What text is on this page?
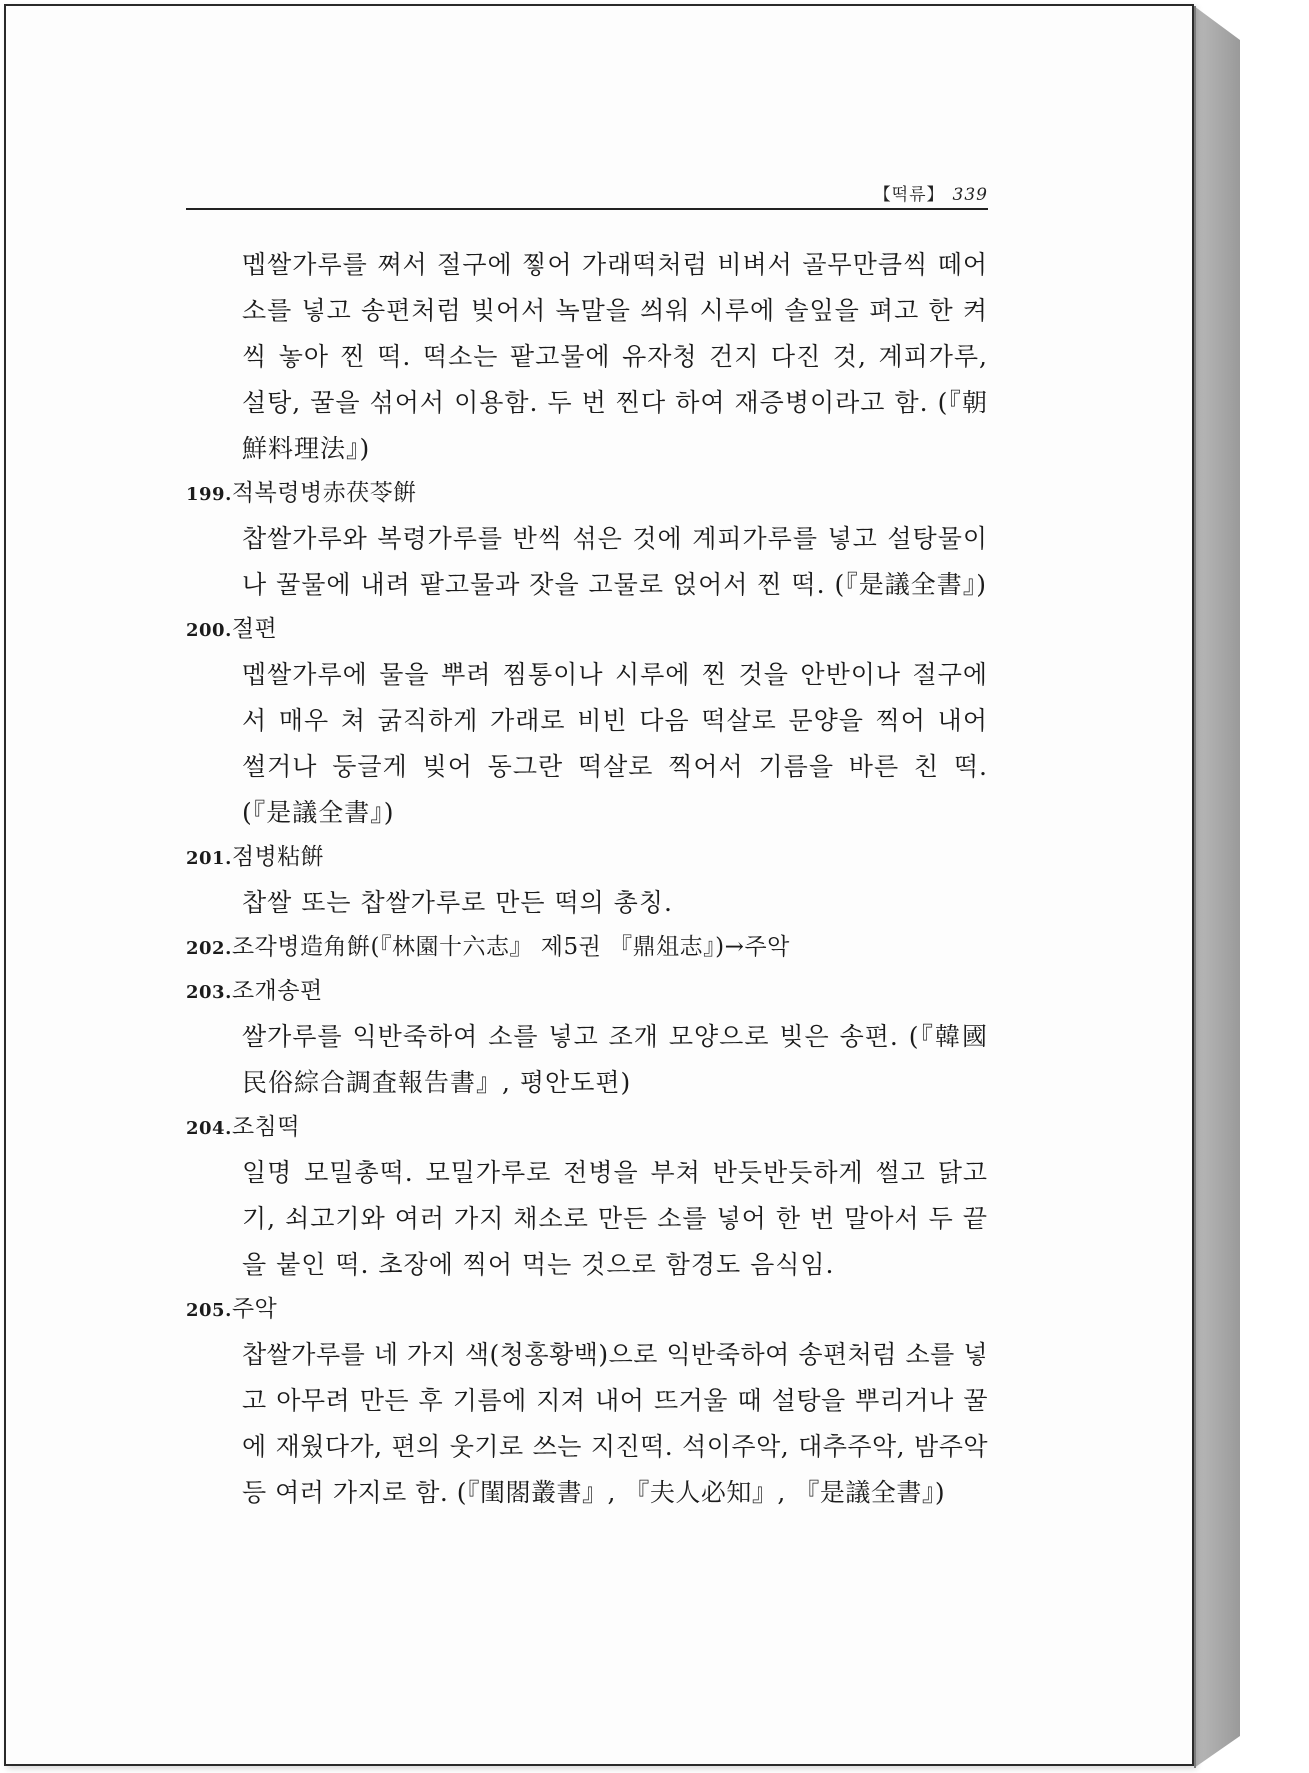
【떡류】 339
멥쌀가루를 쪄서 절구에 찧어 가래떡처럼 비벼서 골무만큼씩 떼어 소를 넣고 송편처럼 빚어서 녹말을 씌워 시루에 솔잎을 펴고 한 켜씩 놓아 찐 떡. 떡소는 팥고물에 유자청 건지 다진 것, 계피가루, 설탕, 꿀을 섞어서 이용함. 두 번 찐다 하여 재증병이라고 함. (『朝鮮料理法』)
199.적복령병赤茯苓餠
찹쌀가루와 복령가루를 반씩 섞은 것에 계피가루를 넣고 설탕물이나 꿀물에 내려 팥고물과 잣을 고물로 얹어서 찐 떡. (『是議全書』)
200.절편
멥쌀가루에 물을 뿌려 찜통이나 시루에 찐 것을 안반이나 절구에서 매우 쳐 굵직하게 가래로 비빈 다음 떡살로 문양을 찍어 내어 썰거나 둥글게 빚어 동그란 떡살로 찍어서 기름을 바른 친 떡. (『是議全書』)
201.점병粘餠
찹쌀 또는 찹쌀가루로 만든 떡의 총칭.
202.조각병造角餠(『林園十六志』 제5권 『鼎俎志』)→주악
203.조개송편
쌀가루를 익반죽하여 소를 넣고 조개 모양으로 빚은 송편. (『韓國民俗綜合調査報告書』, 평안도편)
204.조침떡
일명 모밀총떡. 모밀가루로 전병을 부쳐 반듯반듯하게 썰고 닭고기, 쇠고기와 여러 가지 채소로 만든 소를 넣어 한 번 말아서 두 끝을 붙인 떡. 초장에 찍어 먹는 것으로 함경도 음식임.
205.주악
찹쌀가루를 네 가지 색(청홍황백)으로 익반죽하여 송편처럼 소를 넣고 아무려 만든 후 기름에 지져 내어 뜨거울 때 설탕을 뿌리거나 꿀에 재웠다가, 편의 웃기로 쓰는 지진떡. 석이주악, 대추주악, 밤주악 등 여러 가지로 함. (『閨閤叢書』, 『夫人必知』, 『是議全書』)
